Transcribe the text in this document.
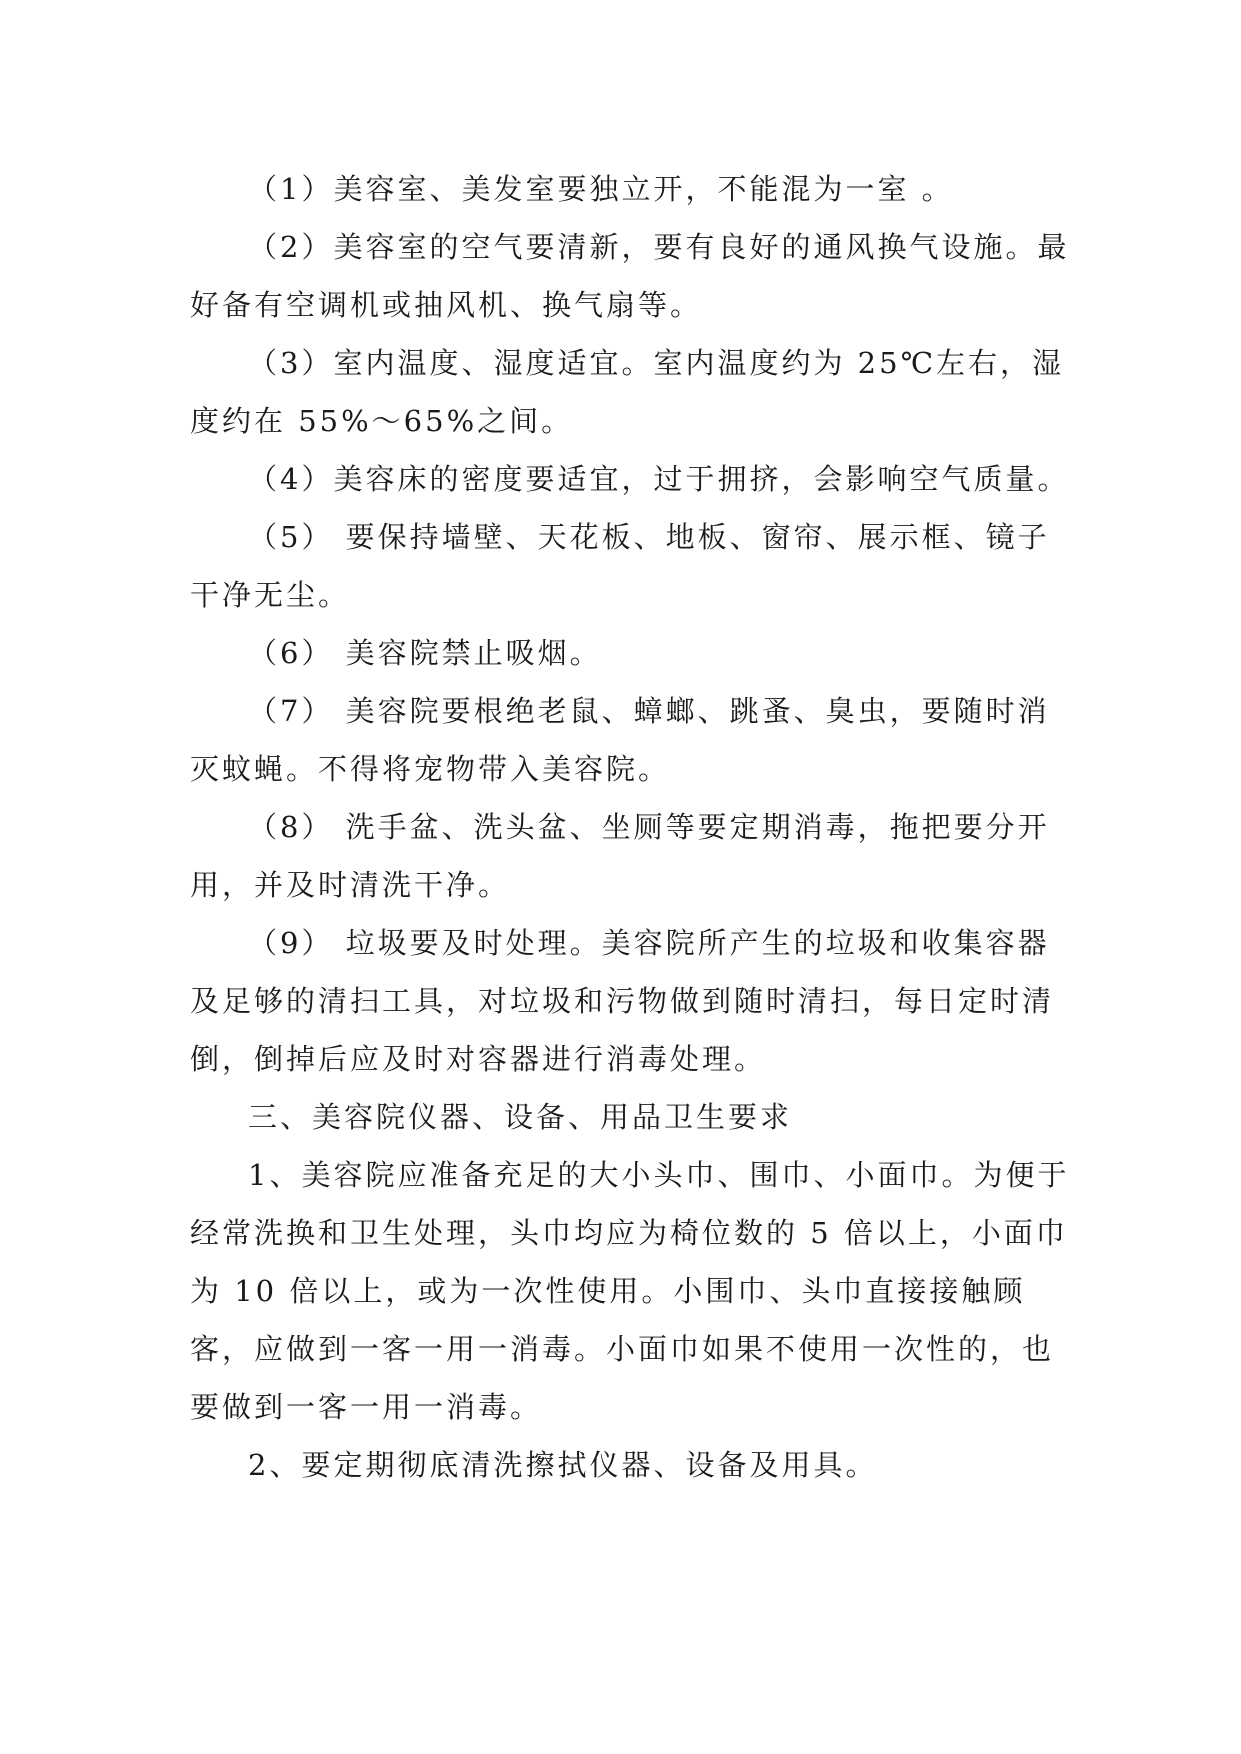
（1）美容室、美发室要独立开，不能混为一室 。

（2）美容室的空气要清新，要有良好的通风换气设施。最好备有空调机或抽风机、换气扇等。

（3）室内温度、湿度适宜。室内温度约为 25℃左右，湿度约在 55%～65%之间。

（4）美容床的密度要适宜，过于拥挤，会影响空气质量。

（5） 要保持墙壁、天花板、地板、窗帘、展示框、镜子干净无尘。

（6） 美容院禁止吸烟。

（7） 美容院要根绝老鼠、蟑螂、跳蚤、臭虫，要随时消灭蚊蝇。不得将宠物带入美容院。

（8） 洗手盆、洗头盆、坐厕等要定期消毒，拖把要分开用，并及时清洗干净。

（9） 垃圾要及时处理。美容院所产生的垃圾和收集容器及足够的清扫工具，对垃圾和污物做到随时清扫，每日定时清倒，倒掉后应及时对容器进行消毒处理。

三、美容院仪器、设备、用品卫生要求

1、美容院应准备充足的大小头巾、围巾、小面巾。为便于经常洗换和卫生处理，头巾均应为椅位数的 5 倍以上，小面巾为 10 倍以上，或为一次性使用。小围巾、头巾直接接触顾客，应做到一客一用一消毒。小面巾如果不使用一次性的，也要做到一客一用一消毒。

2、要定期彻底清洗擦拭仪器、设备及用具。
